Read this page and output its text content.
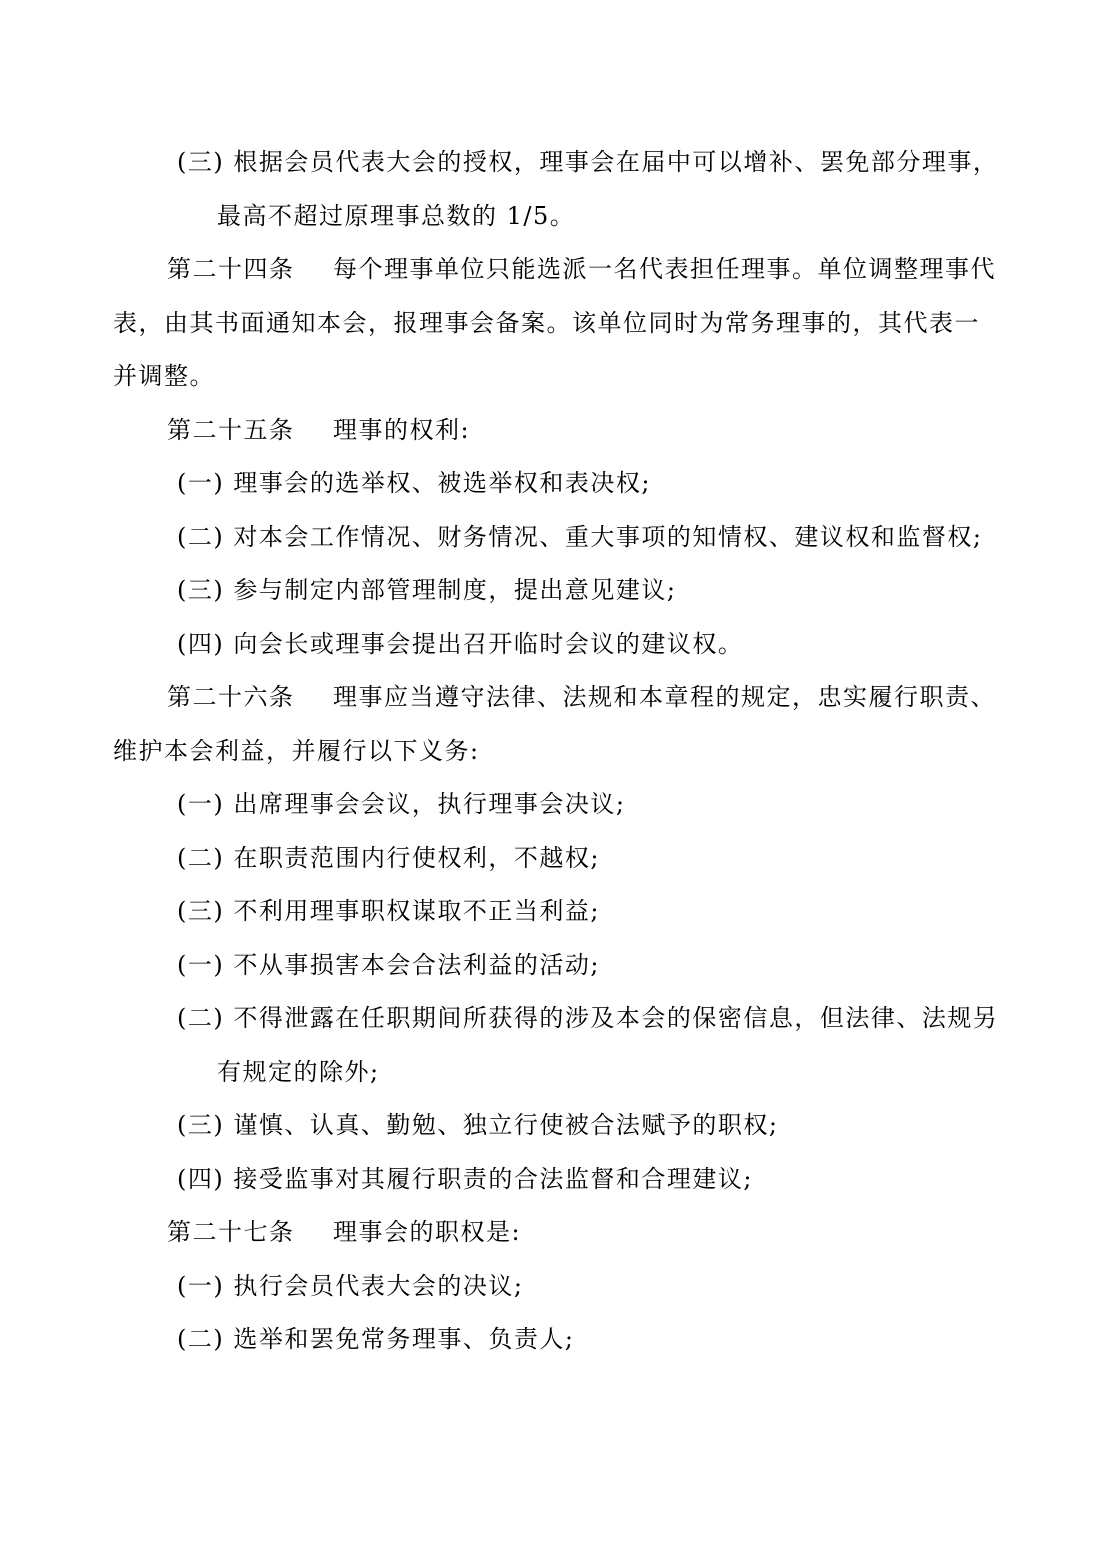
(三) 根据会员代表大会的授权，理事会在届中可以增补、罢免部分理事，
最高不超过原理事总数的 1/5。
第二十四条 每个理事单位只能选派一名代表担任理事。单位调整理事代
表，由其书面通知本会，报理事会备案。该单位同时为常务理事的，其代表一
并调整。
第二十五条 理事的权利:
(一) 理事会的选举权、被选举权和表决权;
(二) 对本会工作情况、财务情况、重大事项的知情权、建议权和监督权;
(三) 参与制定内部管理制度，提出意见建议;
(四) 向会长或理事会提出召开临时会议的建议权。
第二十六条 理事应当遵守法律、法规和本章程的规定，忠实履行职责、
维护本会利益，并履行以下义务:
(一) 出席理事会会议，执行理事会决议;
(二) 在职责范围内行使权利，不越权;
(三) 不利用理事职权谋取不正当利益;
(一) 不从事损害本会合法利益的活动;
(二) 不得泄露在任职期间所获得的涉及本会的保密信息，但法律、法规另
有规定的除外;
(三) 谨慎、认真、勤勉、独立行使被合法赋予的职权;
(四) 接受监事对其履行职责的合法监督和合理建议;
第二十七条 理事会的职权是:
(一) 执行会员代表大会的决议;
(二) 选举和罢免常务理事、负责人;
